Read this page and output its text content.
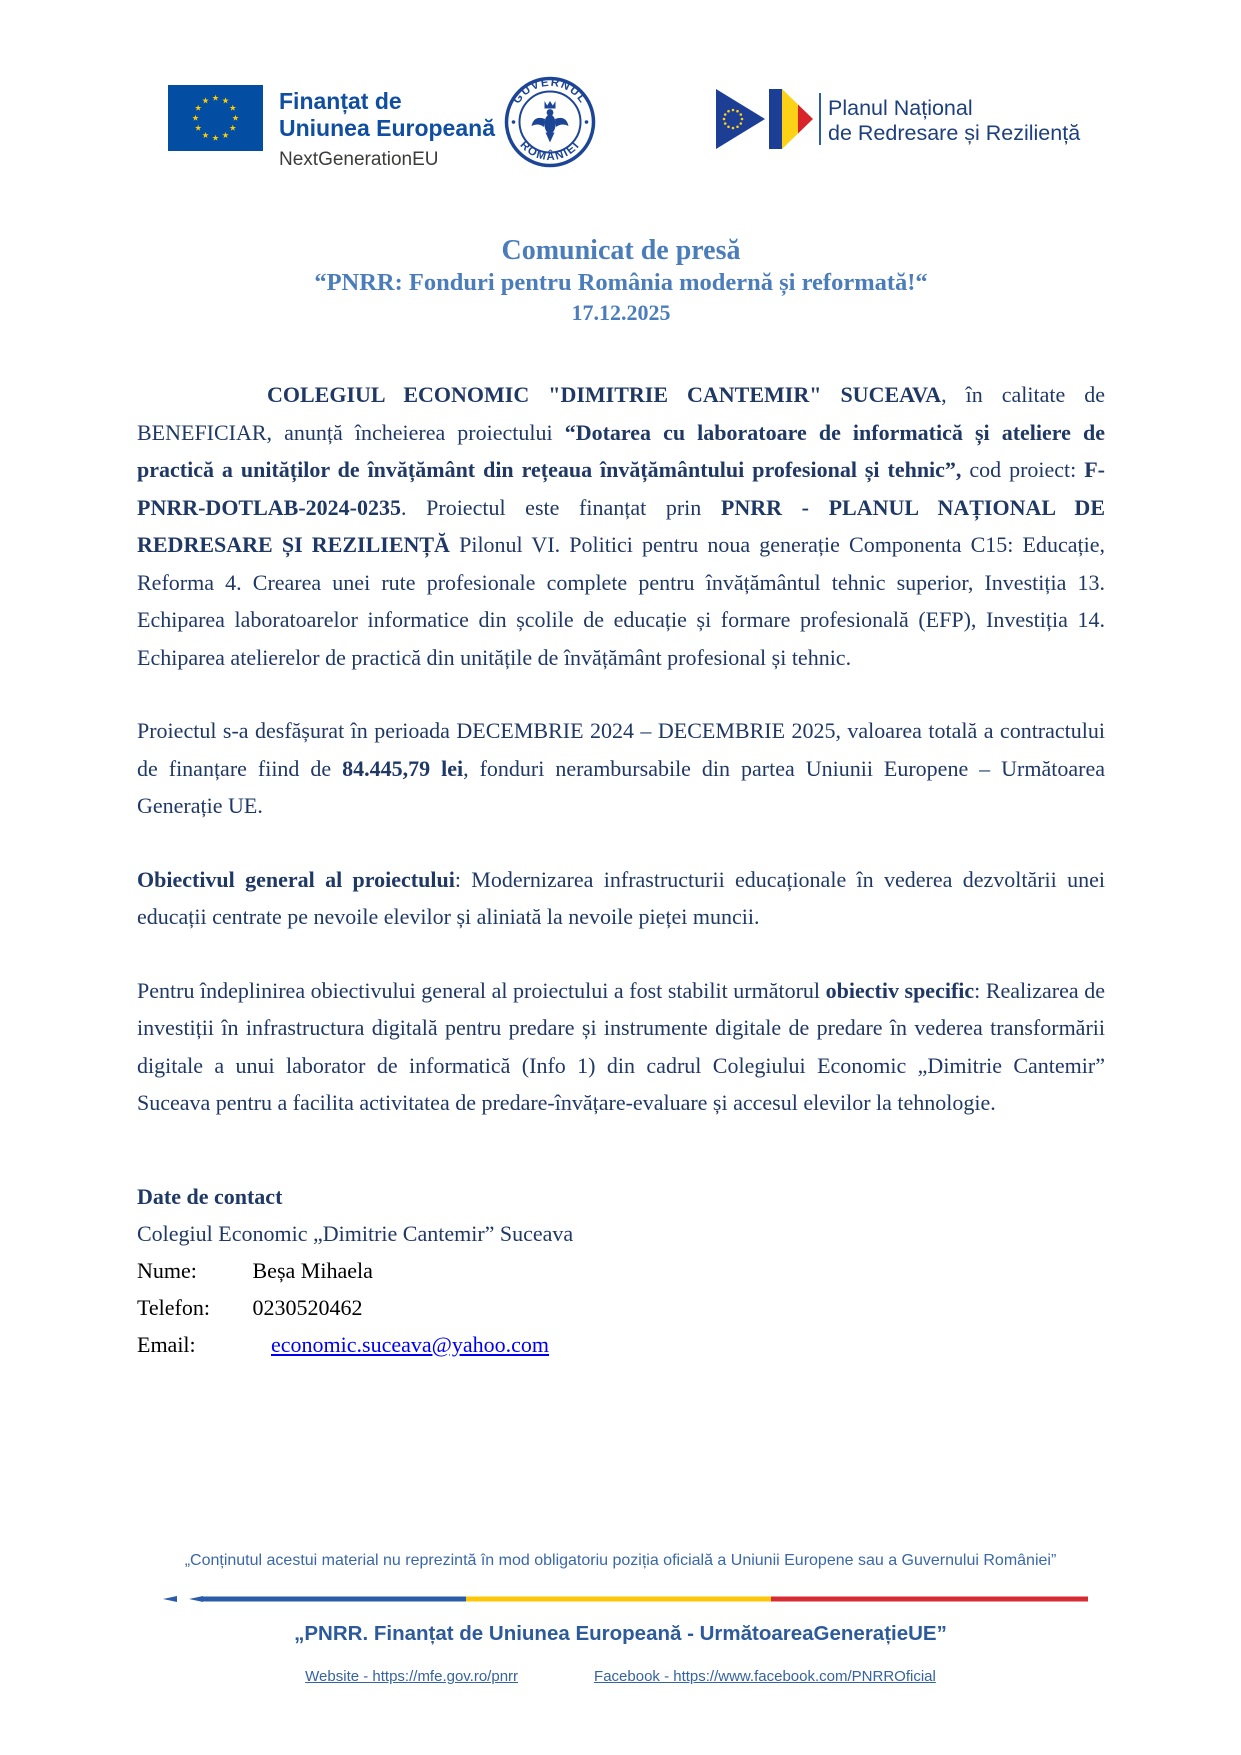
Finanțat de
Uniunea Europeană
NextGenerationEU
GUVERNUL
ROMÂNIEI
Planul Național
de Redresare și Reziliență
Comunicat de presă
“PNRR: Fonduri pentru România modernă și reformată!“
17.12.2025

COLEGIUL ECONOMIC "DIMITRIE CANTEMIR" SUCEAVA, în calitate de BENEFICIAR, anunță încheierea proiectului “Dotarea cu laboratoare de informatică și ateliere de practică a unităților de învățământ din rețeaua învățământului profesional și tehnic”, cod proiect: F-PNRR-DOTLAB-2024-0235. Proiectul este finanțat prin PNRR - PLANUL NAȚIONAL DE REDRESARE ȘI REZILIENȚĂ Pilonul VI. Politici pentru noua generație Componenta C15: Educație, Reforma 4. Crearea unei rute profesionale complete pentru învățământul tehnic superior, Investiția 13. Echiparea laboratoarelor informatice din școlile de educație și formare profesională (EFP), Investiția 14. Echiparea atelierelor de practică din unitățile de învățământ profesional și tehnic.

Proiectul s-a desfășurat în perioada DECEMBRIE 2024 – DECEMBRIE 2025, valoarea totală a contractului de finanțare fiind de 84.445,79 lei, fonduri nerambursabile din partea Uniunii Europene – Următoarea Generație UE.

Obiectivul general al proiectului: Modernizarea infrastructurii educaționale în vederea dezvoltării unei educații centrate pe nevoile elevilor și aliniată la nevoile pieței muncii.

Pentru îndeplinirea obiectivului general al proiectului a fost stabilit următorul obiectiv specific: Realizarea de investiții în infrastructura digitală pentru predare și instrumente digitale de predare în vederea transformării digitale a unui laborator de informatică (Info 1) din cadrul Colegiului Economic „Dimitrie Cantemir” Suceava pentru a facilita activitatea de predare-învățare-evaluare și accesul elevilor la tehnologie.

Date de contact
Colegiul Economic „Dimitrie Cantemir” Suceava
Nume:	Beșa Mihaela
Telefon: 0230520462
Email:	economic.suceava@yahoo.com
„Conținutul acestui material nu reprezintă în mod obligatoriu poziția oficială a Uniunii Europene sau a Guvernului României”
„PNRR. Finanțat de Uniunea Europeană - UrmătoareaGenerațieUE”
Website - https://mfe.gov.ro/pnrr	Facebook - https://www.facebook.com/PNRROficial
